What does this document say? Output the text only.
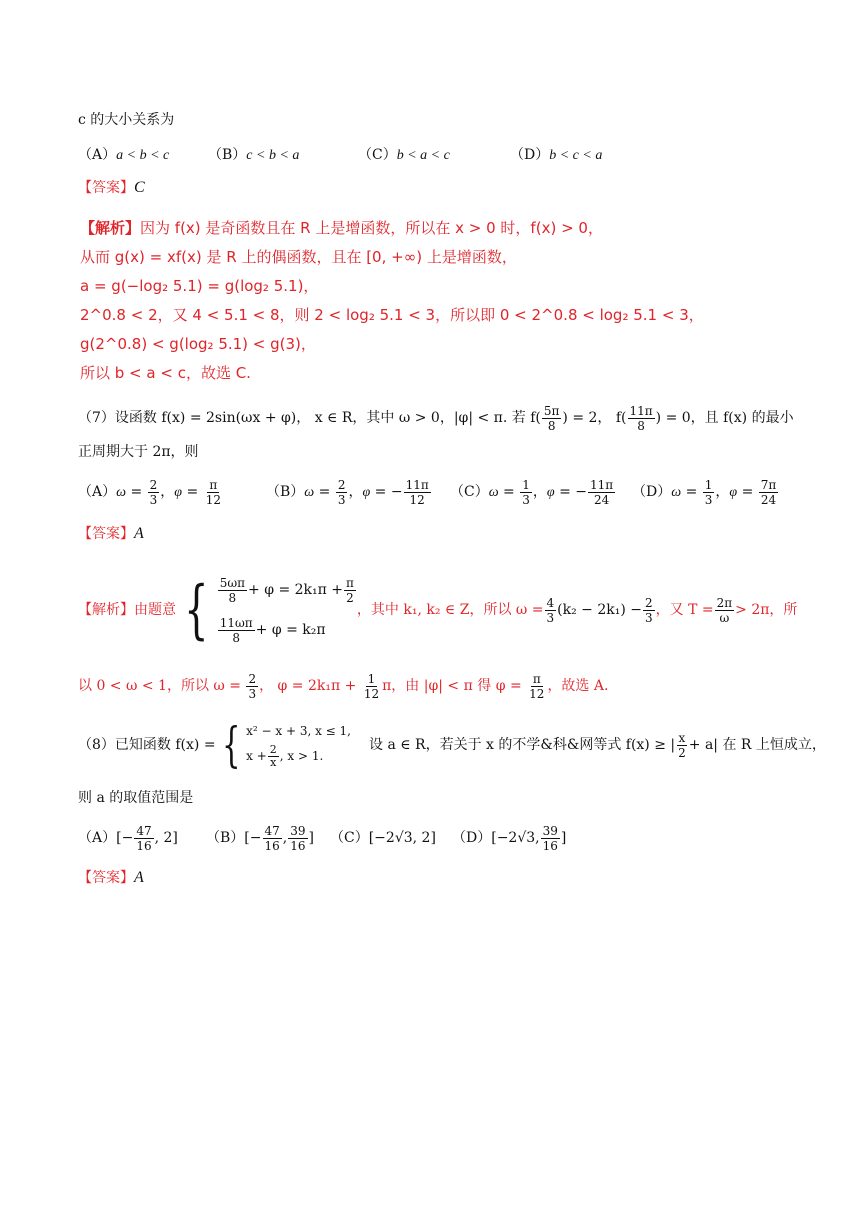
c 的大小关系为
（A）a < b < c	（B）c < b < a	（C）b < a < c	（D）b < c < a
【答案】C
【解析】因为 f(x) 是奇函数且在 R 上是增函数，所以在 x > 0 时，f(x) > 0，
从而 g(x) = xf(x) 是 R 上的偶函数，且在 [0, +∞) 上是增函数，
a = g(−log₂ 5.1) = g(log₂ 5.1)，
2^0.8 < 2，又 4 < 5.1 < 8，则 2 < log₂ 5.1 < 3，所以即 0 < 2^0.8 < log₂ 5.1 < 3，
g(2^0.8) < g(log₂ 5.1) < g(3)，
所以 b < a < c，故选 C.
（7）设函数 f(x) = 2sin(ωx + φ)， x ∈ R，其中 ω > 0，|φ| < π. 若 $f( \frac{5\pi}{8}$ ) = 2， $f( \frac{11\pi}{8}$ ) = 0，且 f(x) 的最小
正周期大于 2π，则
$(A)\omega = \frac{2}{3}$ ，$\varphi = \frac{\pi}{12}$	$(B)\omega = \frac{2}{3}$ ，φ = − $\frac{11\pi}{12} (C)\omega = \frac{1}{3}$ ，φ = − $\frac{11\pi}{24} (D)\omega = \frac{1}{3}$ ，$\varphi = \frac{7\pi}{24}$
【答案】A
【解析】 由题意 { $\frac{5\omega\pi}{8} + \varphi = 2k_1\pi + \frac{\pi}{2}$
$\frac{11\omega\pi}{8} + \varphi = k_2\pi$
，其中 k₁, k₂ ∈ Z，所以 $\omega = \frac{4}{3} (k_2 - 2k_1) - \frac{2}{3}$ ，又 $T = \frac{2\pi}{\omega} > 2\pi$，所
以 0 < ω < 1，所以 $\omega = \frac{2}{3}$ ， $\varphi = 2k_1\pi + \frac{1}{12}$ π，由 |φ| < π 得 $\varphi = \frac{\pi}{12}$ ，故选 A.
（8） 已知函数 f(x) = { x² − x + 3, x ≤ 1,
$x + \frac{2}{x}$ , x > 1.
设 a ∈ R，若关于 x 的不学&科&网等式 f(x) ≥ | $\frac{x}{2} + a|$ 在 R 上恒成立，
则 a 的取值范围是
$(A)[- \frac{47}{16}$ , 2] $(B)[- \frac{47}{16}$ , $\frac{39}{16}$ ] （C）[−2√3, 2] （D）[−2√3, $\frac{39}{16}$ ]
【答案】A
